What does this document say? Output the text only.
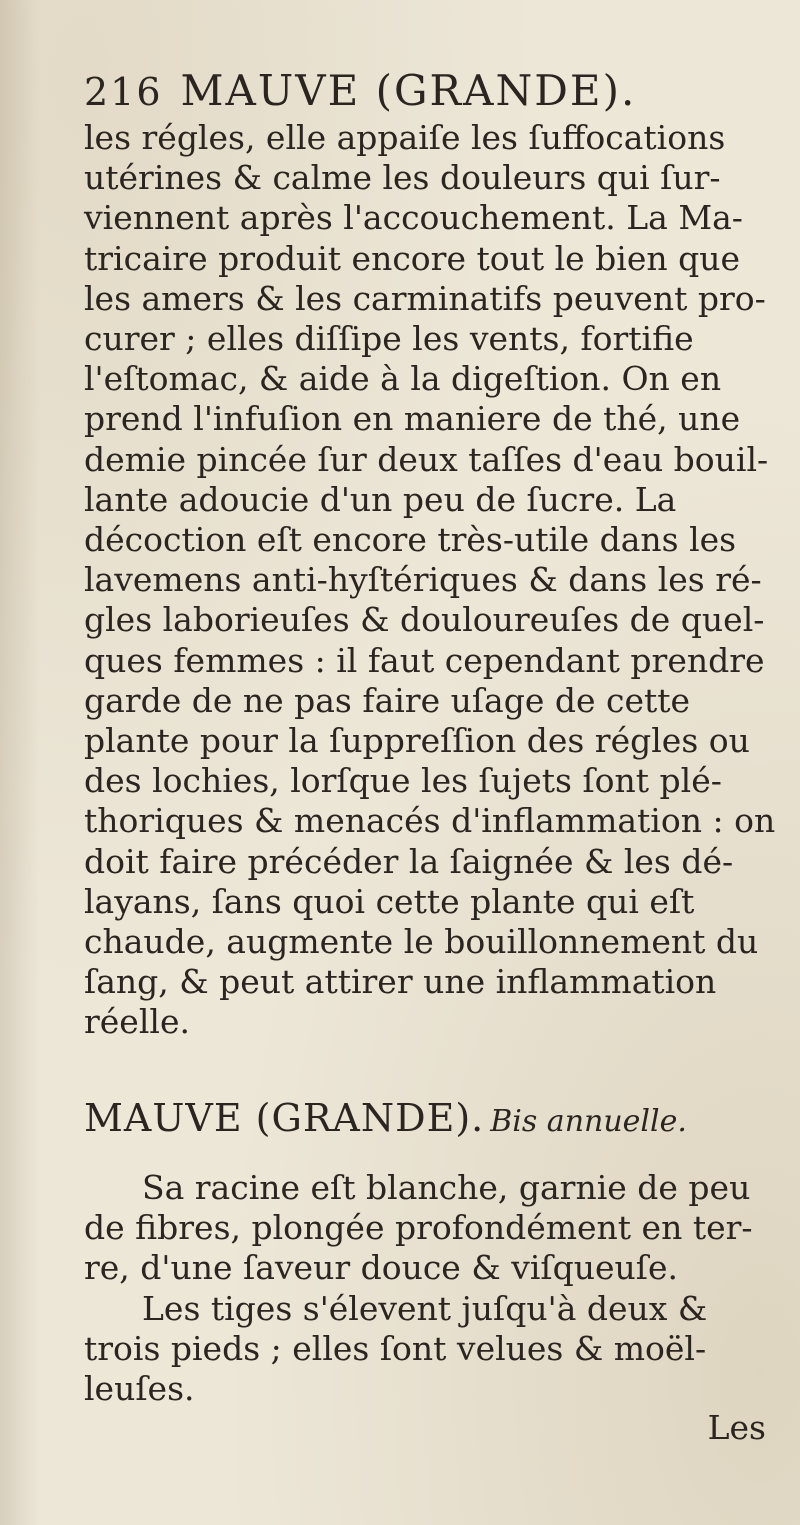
216 MAUVE (GRANDE).
les régles, elle appaiſe les ſuffocations
utérines & calme les douleurs qui ſur-
viennent après l'accouchement. La Ma-
tricaire produit encore tout le bien que
les amers & les carminatifs peuvent pro-
curer ; elles diſſipe les vents, fortifie
l'eſtomac, & aide à la digeſtion. On en
prend l'infuſion en maniere de thé, une
demie pincée ſur deux taſſes d'eau bouil-
lante adoucie d'un peu de ſucre. La
décoction eſt encore très-utile dans les
lavemens anti-hyſtériques & dans les ré-
gles laborieuſes & douloureuſes de quel-
ques femmes : il faut cependant prendre
garde de ne pas faire uſage de cette
plante pour la ſuppreſſion des régles ou
des lochies, lorſque les ſujets ſont plé-
thoriques & menacés d'inflammation : on
doit faire précéder la ſaignée & les dé-
layans, ſans quoi cette plante qui eſt
chaude, augmente le bouillonnement du
ſang, & peut attirer une inflammation
réelle.
MAUVE (GRANDE). Bis annuelle.
Sa racine eſt blanche, garnie de peu
de fibres, plongée profondément en ter-
re, d'une ſaveur douce & viſqueuſe.
Les tiges s'élevent juſqu'à deux &
trois pieds ; elles ſont velues & moël-
leuſes.
Les
